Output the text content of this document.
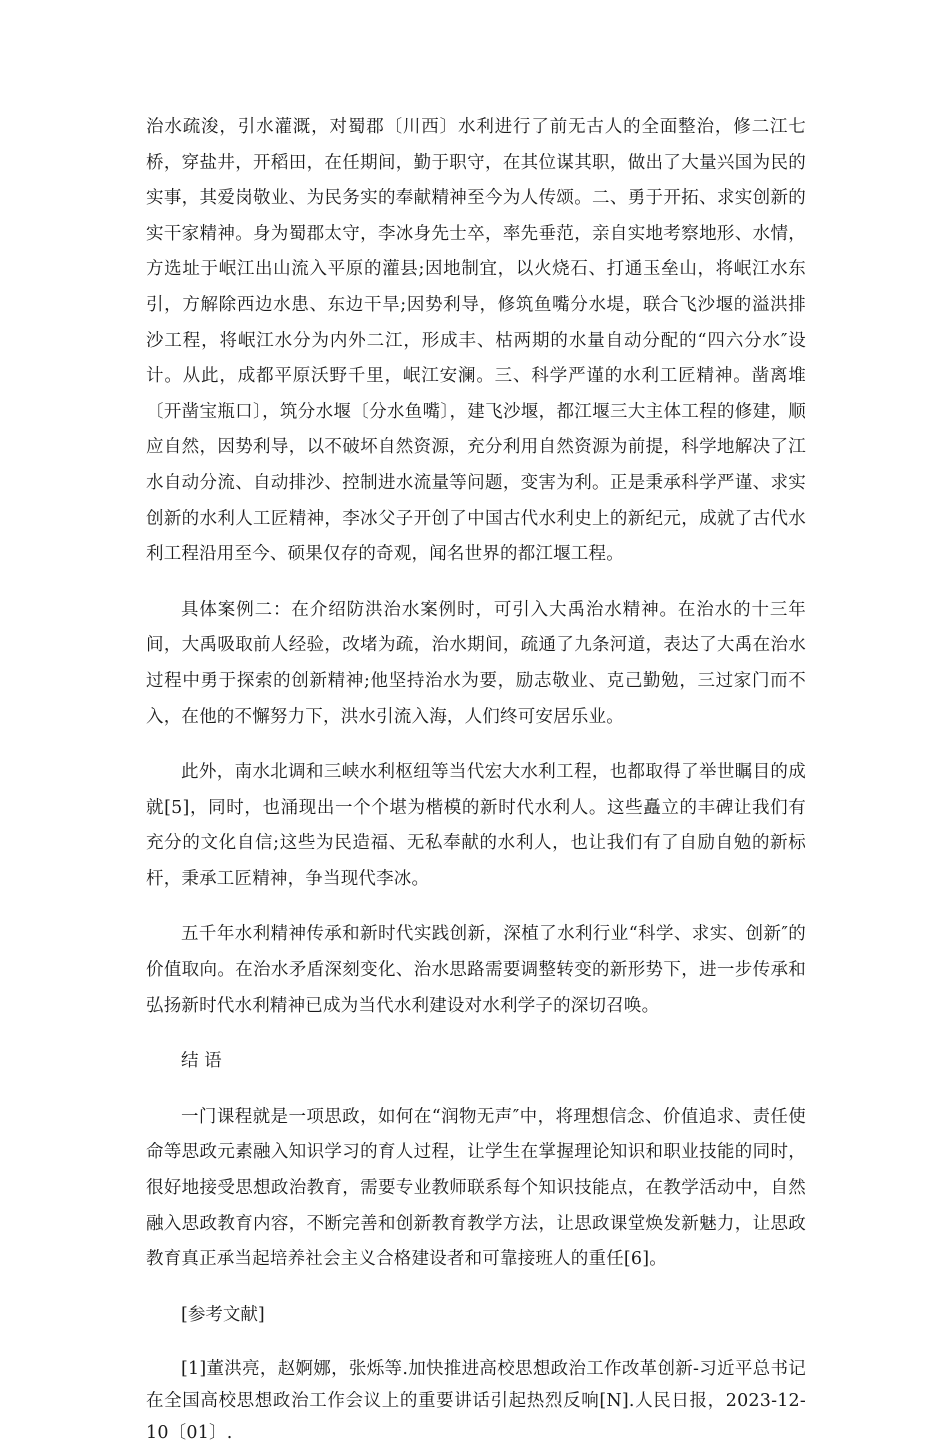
治水疏浚，引水灌溉，对蜀郡〔川西〕水利进行了前无古人的全面整治，修二江七桥，穿盐井，开稻田，在任期间，勤于职守，在其位谋其职，做出了大量兴国为民的实事，其爱岗敬业、为民务实的奉献精神至今为人传颂。二、勇于开拓、求实创新的实干家精神。身为蜀郡太守，李冰身先士卒，率先垂范，亲自实地考察地形、水情，方选址于岷江出山流入平原的灌县;因地制宜，以火烧石、打通玉垒山，将岷江水东引，方解除西边水患、东边干旱;因势利导，修筑鱼嘴分水堤，联合飞沙堰的溢洪排沙工程，将岷江水分为内外二江，形成丰、枯两期的水量自动分配的“四六分水″设计。从此，成都平原沃野千里，岷江安澜。三、科学严谨的水利工匠精神。凿离堆〔开凿宝瓶口〕，筑分水堰〔分水鱼嘴〕，建飞沙堰，都江堰三大主体工程的修建，顺应自然，因势利导，以不破坏自然资源，充分利用自然资源为前提，科学地解决了江水自动分流、自动排沙、控制进水流量等问题，变害为利。正是秉承科学严谨、求实创新的水利人工匠精神，李冰父子开创了中国古代水利史上的新纪元，成就了古代水利工程沿用至今、硕果仅存的奇观，闻名世界的都江堰工程。

具体案例二：在介绍防洪治水案例时，可引入大禹治水精神。在治水的十三年间，大禹吸取前人经验，改堵为疏，治水期间，疏通了九条河道，表达了大禹在治水过程中勇于探索的创新精神;他坚持治水为要，励志敬业、克己勤勉，三过家门而不入，在他的不懈努力下，洪水引流入海，人们终可安居乐业。

此外，南水北调和三峡水利枢纽等当代宏大水利工程，也都取得了举世瞩目的成就[5]，同时，也涌现出一个个堪为楷模的新时代水利人。这些矗立的丰碑让我们有充分的文化自信;这些为民造福、无私奉献的水利人，也让我们有了自励自勉的新标杆，秉承工匠精神，争当现代李冰。

五千年水利精神传承和新时代实践创新，深植了水利行业“科学、求实、创新″的价值取向。在治水矛盾深刻变化、治水思路需要调整转变的新形势下，进一步传承和弘扬新时代水利精神已成为当代水利建设对水利学子的深切召唤。

结 语

一门课程就是一项思政，如何在“润物无声″中，将理想信念、价值追求、责任使命等思政元素融入知识学习的育人过程，让学生在掌握理论知识和职业技能的同时，很好地接受思想政治教育，需要专业教师联系每个知识技能点，在教学活动中，自然融入思政教育内容，不断完善和创新教育教学方法，让思政课堂焕发新魅力，让思政教育真正承当起培养社会主义合格建设者和可靠接班人的重任[6]。

[参考文献]

[1]董洪亮，赵婀娜，张烁等.加快推进高校思想政治工作改革创新-习近平总书记在全国高校思想政治工作会议上的重要讲话引起热烈反响[N].人民日报，2023-12-10〔01〕.
